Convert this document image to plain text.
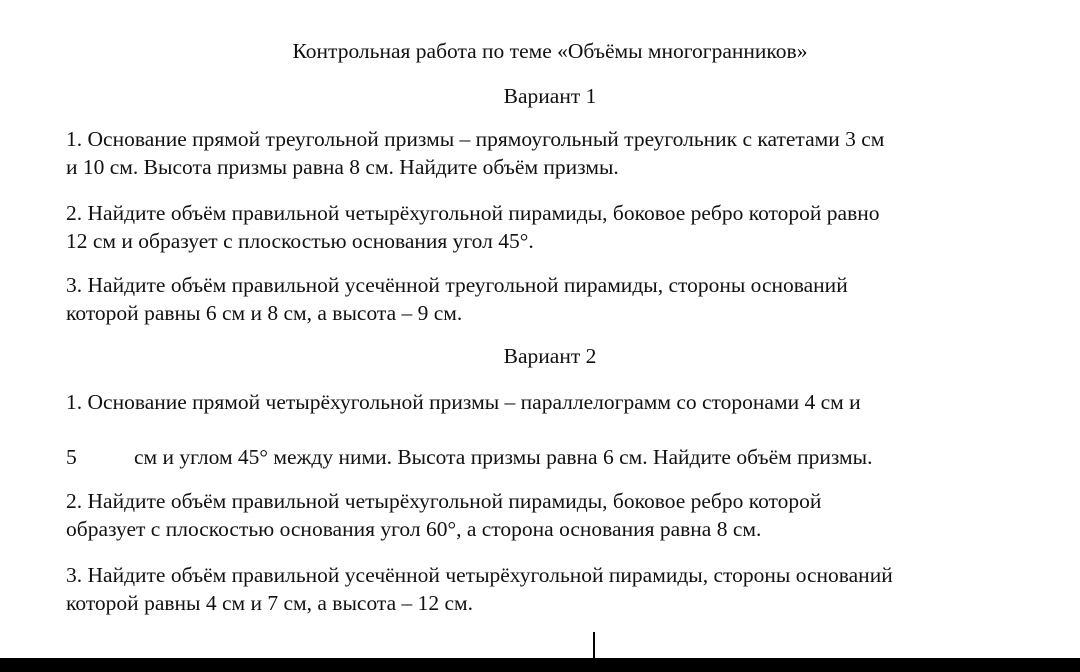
Контрольная работа по теме «Объёмы многогранников»
Вариант 1
1. Основание прямой треугольной призмы – прямоугольный треугольник с катетами 3 см
и 10 см. Высота призмы равна 8 см. Найдите объём призмы.
2. Найдите объём правильной четырёхугольной пирамиды, боковое ребро которой равно
12 см и образует с плоскостью основания угол 45°.
3. Найдите объём правильной усечённой треугольной пирамиды, стороны оснований
которой равны 6 см и 8 см, а высота – 9 см.
Вариант 2
1. Основание прямой четырёхугольной призмы – параллелограмм со сторонами 4 см и
5	см и углом 45° между ними. Высота призмы равна 6 см. Найдите объём призмы.
2. Найдите объём правильной четырёхугольной пирамиды, боковое ребро которой
образует с плоскостью основания угол 60°, а сторона основания равна 8 см.
3. Найдите объём правильной усечённой четырёхугольной пирамиды, стороны оснований
которой равны 4 см и 7 см, а высота – 12 см.
